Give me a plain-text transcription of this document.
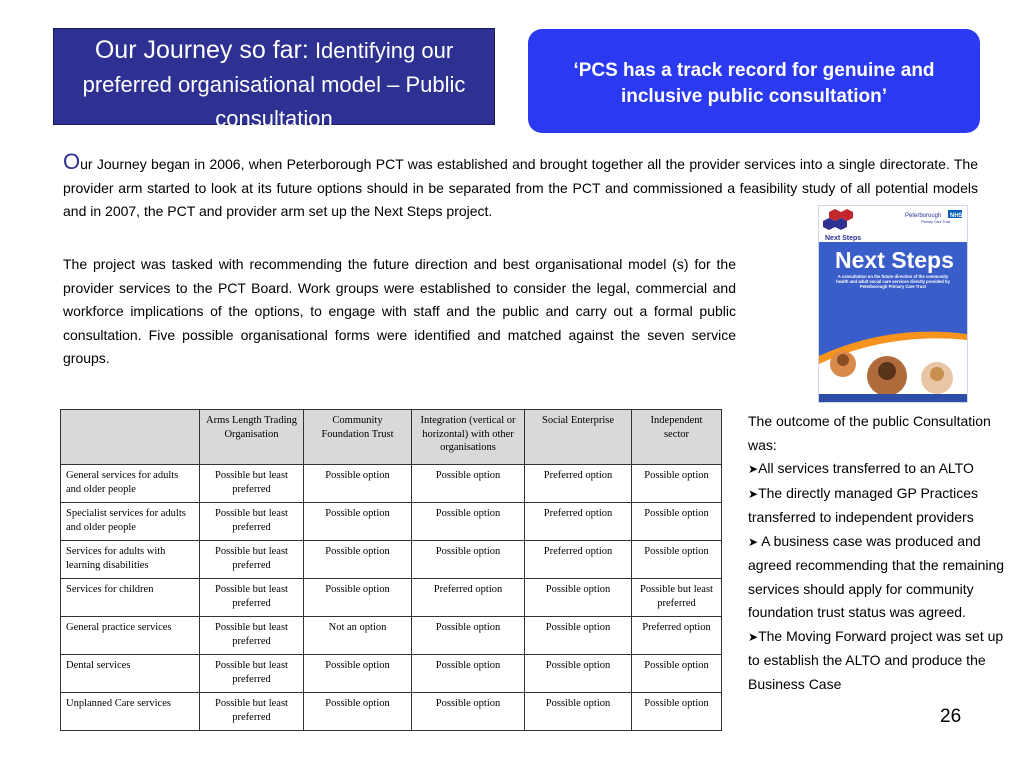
Our Journey so far: Identifying our preferred organisational model – Public consultation
‘PCS has a track record for genuine and inclusive public consultation’

Our Journey began in 2006, when Peterborough PCT was established and brought together all the provider services into a single directorate. The provider arm started to look at its future options should in be separated from the PCT and commissioned a feasibility study of all potential models and in 2007, the PCT and provider arm set up the Next Steps project.

The project was tasked with recommending the future direction and best organisational model (s) for the provider services to the PCT Board. Work groups were established to consider the legal, commercial and workforce implications of the options, to engage with staff and the public and carry out a formal public consultation. Five possible organisational forms were identified and matched against the seven service groups.

Next Steps
Peterborough NHS
Primary Care Trust
Next Steps
A consultation on the future direction of the community health and adult social care services directly provided by Peterborough Primary Care Trust
	Arms Length Trading Organisation	Community Foundation Trust	Integration (vertical or horizontal) with other organisations	Social Enterprise	Independent sector
General services for adults and older people	Possible but least preferred	Possible option	Possible option	Preferred option	Possible option
Specialist services for adults and older people	Possible but least preferred	Possible option	Possible option	Preferred option	Possible option
Services for adults with learning disabilities	Possible but least preferred	Possible option	Possible option	Preferred option	Possible option
Services for children	Possible but least preferred	Possible option	Preferred option	Possible option	Possible but least preferred
General practice services	Possible but least preferred	Not an option	Possible option	Possible option	Preferred option
Dental services	Possible but least preferred	Possible option	Possible option	Possible option	Possible option
Unplanned Care services	Possible but least preferred	Possible option	Possible option	Possible option	Possible option
The outcome of the public Consultation was:
➤All services transferred to an ALTO
➤The directly managed GP Practices transferred to independent providers
➤ A business case was produced and agreed recommending that the remaining services should apply for community foundation trust status was agreed.
➤The Moving Forward project was set up to establish the ALTO and produce the Business Case
26
